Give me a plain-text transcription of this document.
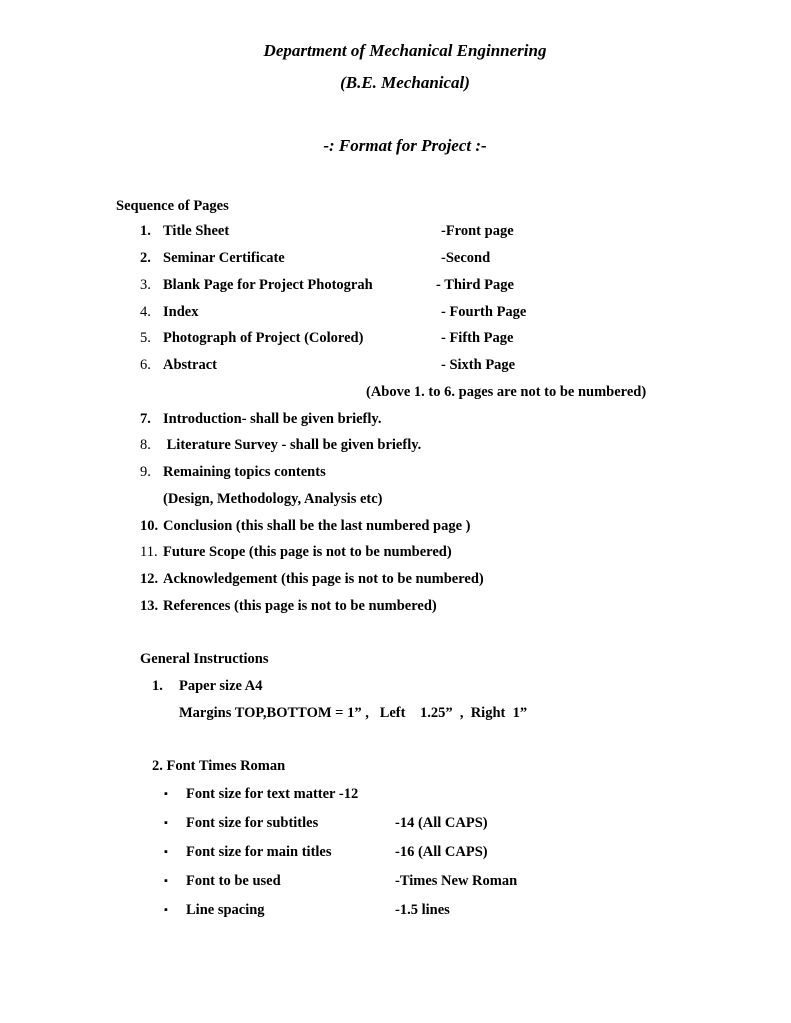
Department of Mechanical Enginnering
(B.E. Mechanical)
-: Format for Project :-
Sequence of Pages
1. Title Sheet	-Front page
2. Seminar Certificate	-Second
3. Blank Page for Project Photograh	- Third Page
4. Index	- Fourth Page
5. Photograph of Project (Colored)	- Fifth Page
6. Abstract	- Sixth Page
(Above 1. to 6. pages are not to be numbered)
7. Introduction- shall be given briefly.
8. Literature Survey - shall be given briefly.
9. Remaining topics contents
(Design, Methodology, Analysis etc)
10. Conclusion (this shall be the last numbered page )
11. Future Scope (this page is not to be numbered)
12. Acknowledgement (this page is not to be numbered)
13. References (this page is not to be numbered)
General Instructions
1. Paper size A4
Margins TOP,BOTTOM = 1” ,   Left    1.25”  ,  Right  1”
2. Font Times Roman
▪ Font size for text matter -12
▪ Font size for subtitles	-14 (All CAPS)
▪ Font size for main titles	-16 (All CAPS)
▪ Font to be used	-Times New Roman
▪ Line spacing	-1.5 lines
